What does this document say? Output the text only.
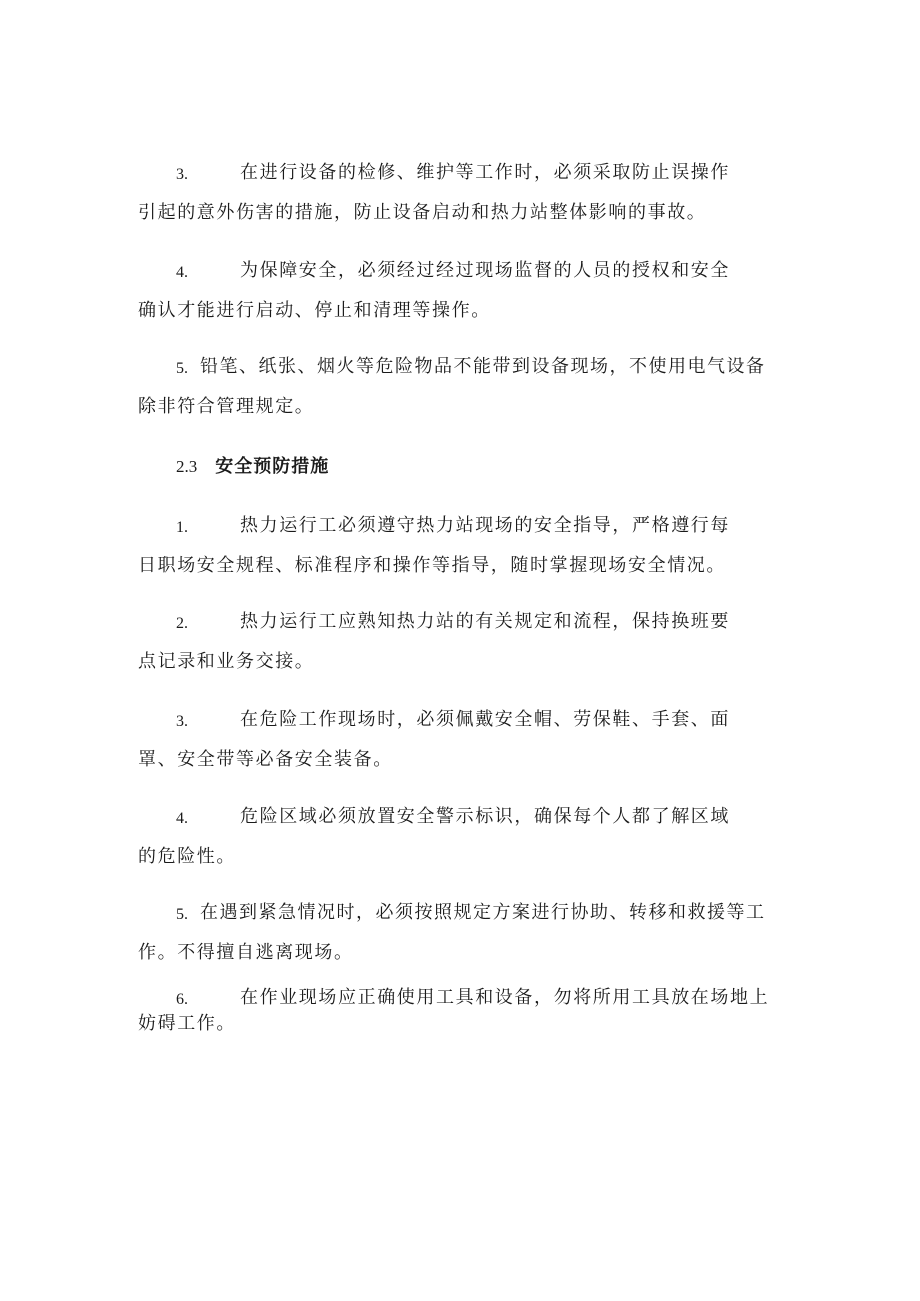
3.	在进行设备的检修、维护等工作时，必须采取防止误操作
引起的意外伤害的措施，防止设备启动和热力站整体影响的事故。
4.	为保障安全，必须经过经过现场监督的人员的授权和安全
确认才能进行启动、停止和清理等操作。
5. 铅笔、纸张、烟火等危险物品不能带到设备现场，不使用电气设备
除非符合管理规定。
2.3 安全预防措施
1.	热力运行工必须遵守热力站现场的安全指导，严格遵行每
日职场安全规程、标准程序和操作等指导，随时掌握现场安全情况。
2.	热力运行工应熟知热力站的有关规定和流程，保持换班要
点记录和业务交接。
3.	在危险工作现场时，必须佩戴安全帽、劳保鞋、手套、面
罩、安全带等必备安全装备。
4.	危险区域必须放置安全警示标识，确保每个人都了解区域
的危险性。
5. 在遇到紧急情况时，必须按照规定方案进行协助、转移和救援等工
作。不得擅自逃离现场。
6.	在作业现场应正确使用工具和设备，勿将所用工具放在场地上
妨碍工作。
